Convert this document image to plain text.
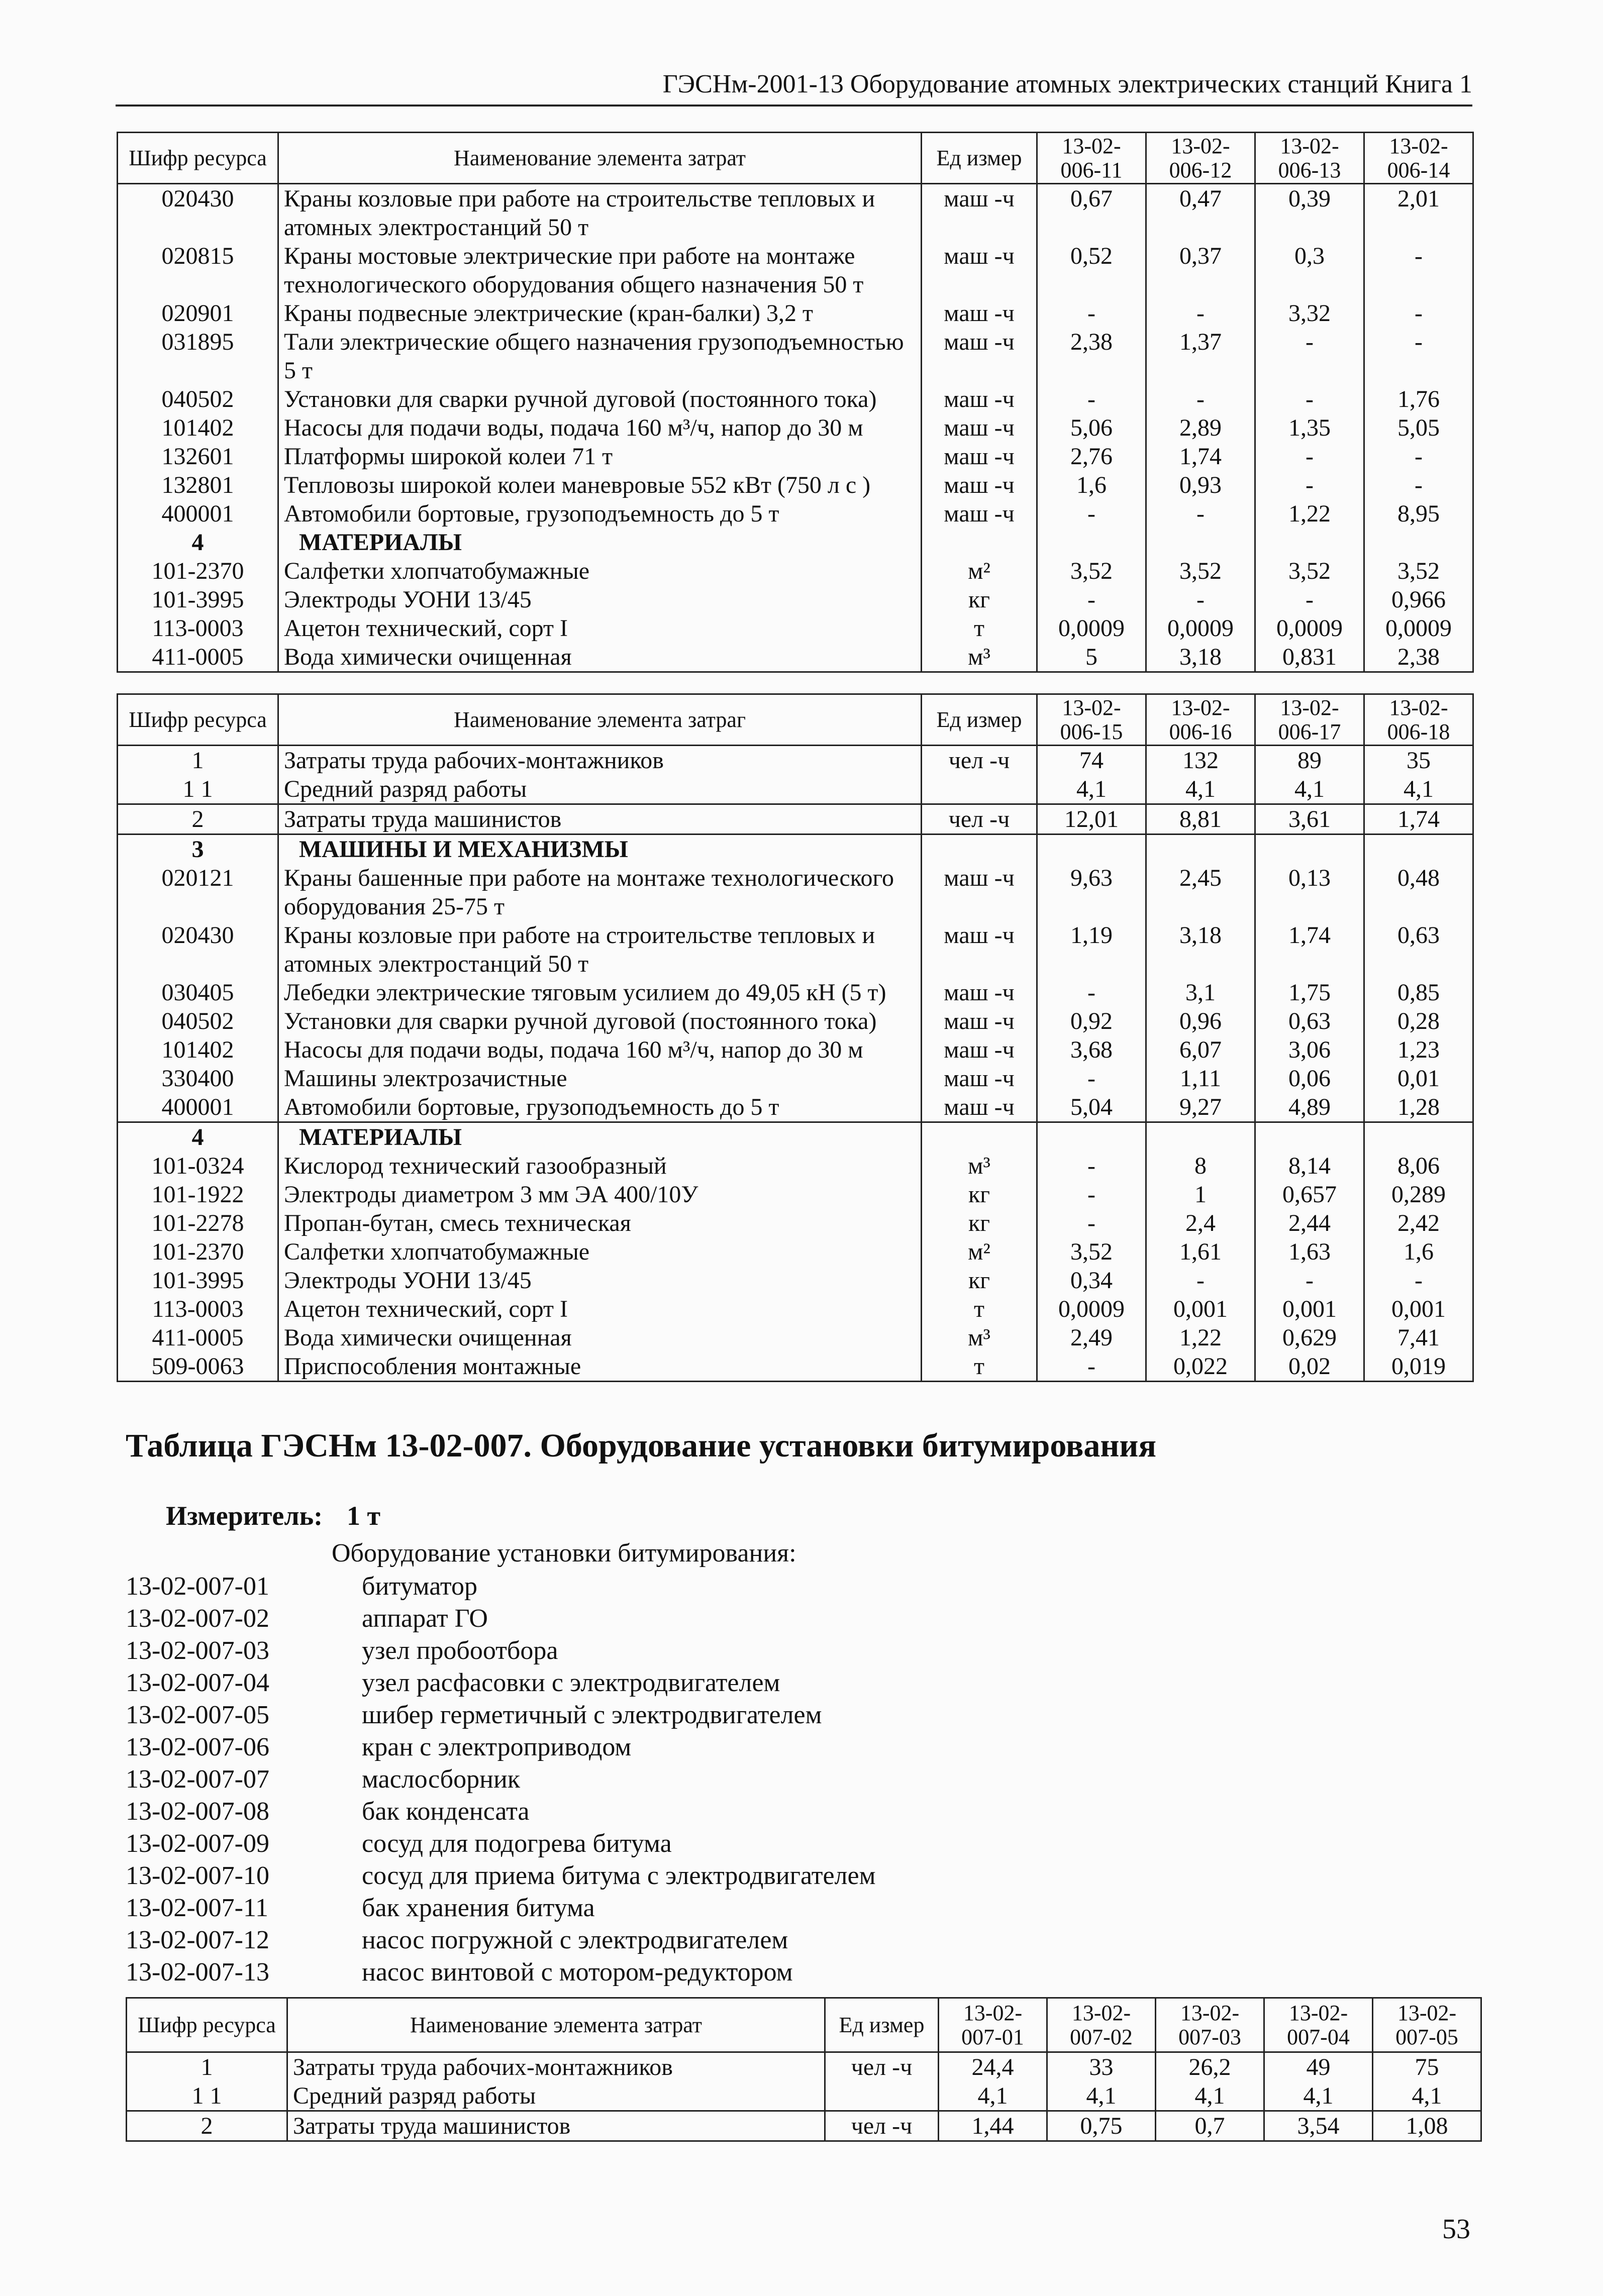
ГЭСНм-2001-13 Оборудование атомных электрических станций Книга 1
Шифр ресурса	Наименование элемента затрат	Ед измер	13-02-006-11	13-02-006-12	13-02-006-13	13-02-006-14
020430	Краны козловые при работе на строительстве тепловых и атомных электростанций 50 т	маш -ч	0,67	0,47	0,39	2,01
020815	Краны мостовые электрические при работе на монтаже технологического оборудования общего назначения 50 т	маш -ч	0,52	0,37	0,3	-
020901	Краны подвесные электрические (кран-балки) 3,2 т	маш -ч	-	-	3,32	-
031895	Тали электрические общего назначения грузоподъемностью 5 т	маш -ч	2,38	1,37	-	-
040502	Установки для сварки ручной дуговой (постоянного тока)	маш -ч	-	-	-	1,76
101402	Насосы для подачи воды, подача 160 м³/ч, напор до 30 м	маш -ч	5,06	2,89	1,35	5,05
132601	Платформы широкой колеи 71 т	маш -ч	2,76	1,74	-	-
132801	Тепловозы широкой колеи маневровые 552 кВт (750 л с )	маш -ч	1,6	0,93	-	-
400001	Автомобили бортовые, грузоподъемность до 5 т	маш -ч	-	-	1,22	8,95
4	МАТЕРИАЛЫ					
101-2370	Салфетки хлопчатобумажные	м²	3,52	3,52	3,52	3,52
101-3995	Электроды УОНИ 13/45	кг	-	-	-	0,966
113-0003	Ацетон технический, сорт I	т	0,0009	0,0009	0,0009	0,0009
411-0005	Вода химически очищенная	м³	5	3,18	0,831	2,38
Шифр ресурса	Наименование элемента затраг	Ед измер	13-02-006-15	13-02-006-16	13-02-006-17	13-02-006-18
1	Затраты труда рабочих-монтажников	чел -ч	74	132	89	35
1 1	Средний разряд работы		4,1	4,1	4,1	4,1
2	Затраты труда машинистов	чел -ч	12,01	8,81	3,61	1,74
3	МАШИНЫ И МЕХАНИЗМЫ					
020121	Краны башенные при работе на монтаже технологического оборудования 25-75 т	маш -ч	9,63	2,45	0,13	0,48
020430	Краны козловые при работе на строительстве тепловых и атомных электростанций 50 т	маш -ч	1,19	3,18	1,74	0,63
030405	Лебедки электрические тяговым усилием до 49,05 кН (5 т)	маш -ч	-	3,1	1,75	0,85
040502	Установки для сварки ручной дуговой (постоянного тока)	маш -ч	0,92	0,96	0,63	0,28
101402	Насосы для подачи воды, подача 160 м³/ч, напор до 30 м	маш -ч	3,68	6,07	3,06	1,23
330400	Машины электрозачистные	маш -ч	-	1,11	0,06	0,01
400001	Автомобили бортовые, грузоподъемность до 5 т	маш -ч	5,04	9,27	4,89	1,28
4	МАТЕРИАЛЫ					
101-0324	Кислород технический газообразный	м³	-	8	8,14	8,06
101-1922	Электроды диаметром 3 мм ЭА 400/10У	кг	-	1	0,657	0,289
101-2278	Пропан-бутан, смесь техническая	кг	-	2,4	2,44	2,42
101-2370	Салфетки хлопчатобумажные	м²	3,52	1,61	1,63	1,6
101-3995	Электроды УОНИ 13/45	кг	0,34	-	-	-
113-0003	Ацетон технический, сорт I	т	0,0009	0,001	0,001	0,001
411-0005	Вода химически очищенная	м³	2,49	1,22	0,629	7,41
509-0063	Приспособления монтажные	т	-	0,022	0,02	0,019
Таблица ГЭСНм 13-02-007. Оборудование установки битумирования
Измеритель: 1 т
Оборудование установки битумирования:
13-02-007-01	битуматор
13-02-007-02	аппарат ГО
13-02-007-03	узел пробоотбора
13-02-007-04	узел расфасовки с электродвигателем
13-02-007-05	шибер герметичный с электродвигателем
13-02-007-06	кран с электроприводом
13-02-007-07	маслосборник
13-02-007-08	бак конденсата
13-02-007-09	сосуд для подогрева битума
13-02-007-10	сосуд для приема битума с электродвигателем
13-02-007-11	бак хранения битума
13-02-007-12	насос погружной с электродвигателем
13-02-007-13	насос винтовой с мотором-редуктором
Шифр ресурса	Наименование элемента затрат	Ед измер	13-02-007-01	13-02-007-02	13-02-007-03	13-02-007-04	13-02-007-05
1	Затраты труда рабочих-монтажников	чел -ч	24,4	33	26,2	49	75
1 1	Средний разряд работы		4,1	4,1	4,1	4,1	4,1
2	Затраты труда машинистов	чел -ч	1,44	0,75	0,7	3,54	1,08
53
